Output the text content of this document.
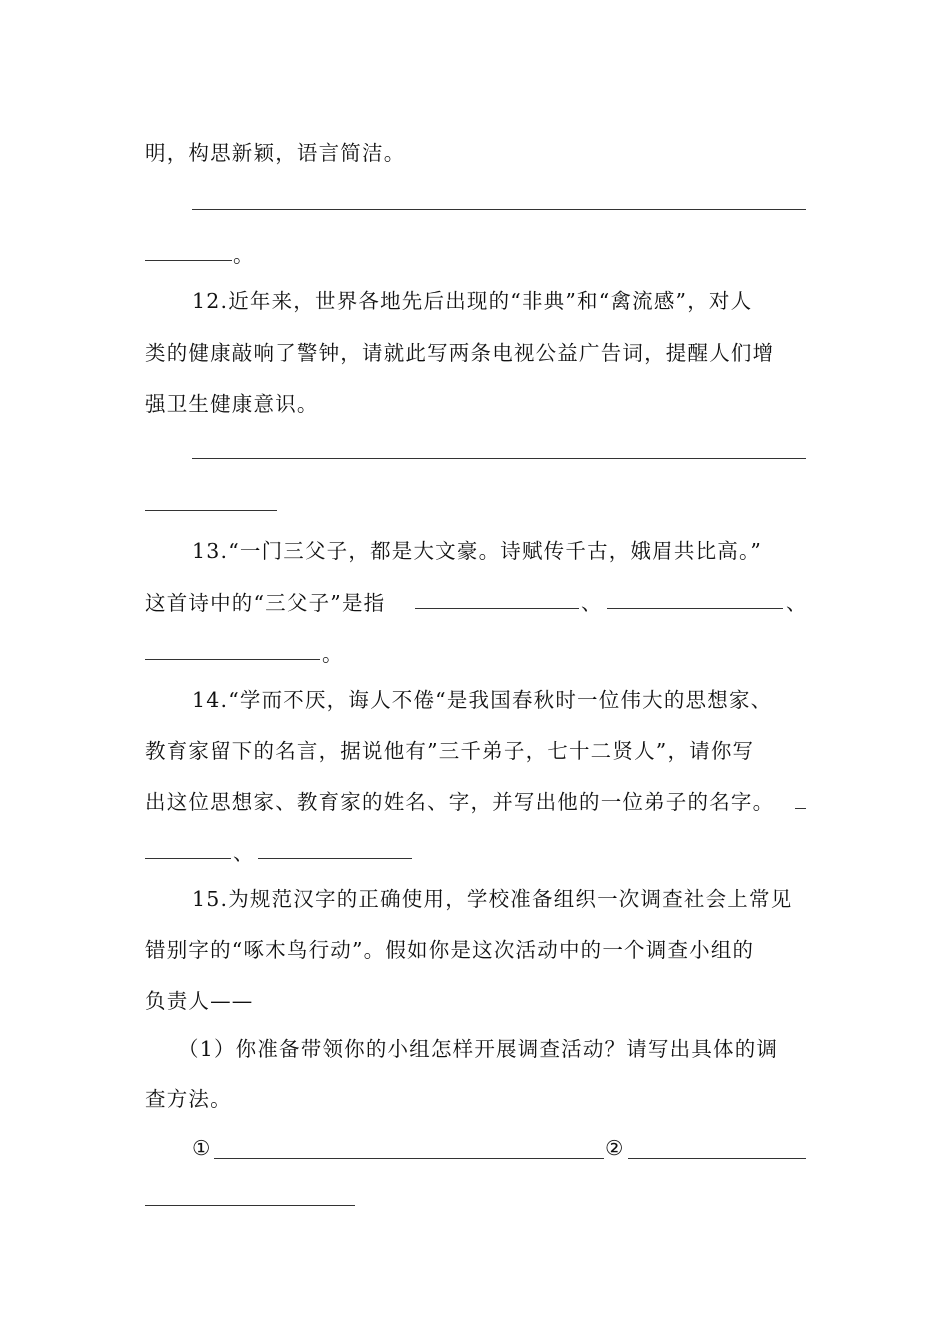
明，构思新颖，语言简洁。
。
12.近年来，世界各地先后出现的“非典”和“禽流感”，对人
类的健康敲响了警钟，请就此写两条电视公益广告词，提醒人们增
强卫生健康意识。
13.“一门三父子，都是大文豪。诗赋传千古，娥眉共比高。”
这首诗中的“三父子”是指	、	、
。
14.“学而不厌，诲人不倦“是我国春秋时一位伟大的思想家、
教育家留下的名言，据说他有”三千弟子，七十二贤人”，请你写
出这位思想家、教育家的姓名、字，并写出他的一位弟子的名字。
、
15.为规范汉字的正确使用，学校准备组织一次调查社会上常见
错别字的“啄木鸟行动”。假如你是这次活动中的一个调查小组的
负责人——
（1）你准备带领你的小组怎样开展调查活动？请写出具体的调
查方法。
①	②
